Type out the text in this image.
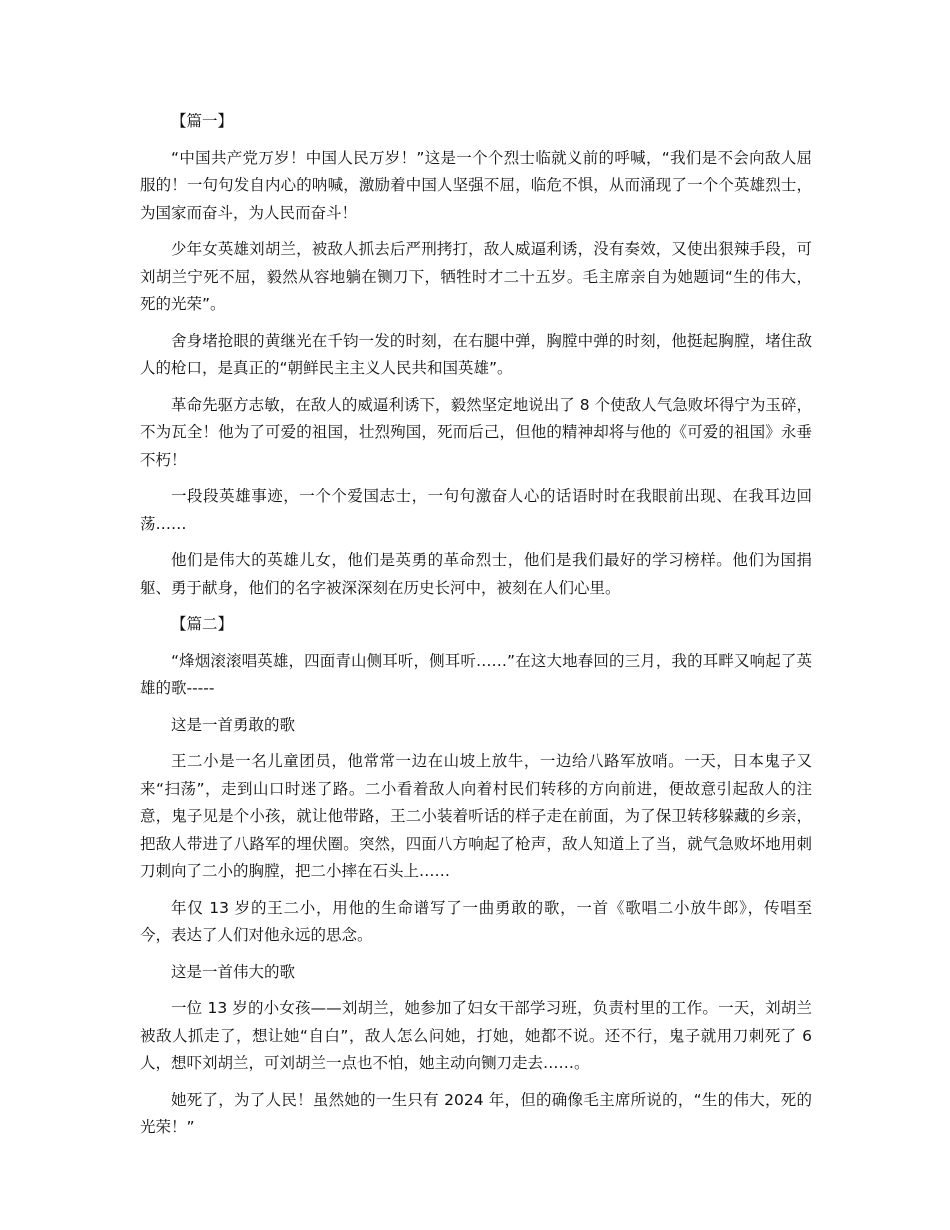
【篇一】

“中国共产党万岁！中国人民万岁！”这是一个个烈士临就义前的呼喊，“我们是不会向敌人屈服的！一句句发自内心的呐喊，激励着中国人坚强不屈，临危不惧，从而涌现了一个个英雄烈士，为国家而奋斗，为人民而奋斗！

少年女英雄刘胡兰，被敌人抓去后严刑拷打，敌人威逼利诱，没有奏效，又使出狠辣手段，可刘胡兰宁死不屈，毅然从容地躺在铡刀下，牺牲时才二十五岁。毛主席亲自为她题词“生的伟大，死的光荣”。

舍身堵抢眼的黄继光在千钧一发的时刻，在右腿中弹，胸膛中弹的时刻，他挺起胸膛，堵住敌人的枪口，是真正的“朝鲜民主主义人民共和国英雄”。

革命先驱方志敏，在敌人的威逼利诱下，毅然坚定地说出了 8 个使敌人气急败坏得宁为玉碎，不为瓦全！他为了可爱的祖国，壮烈殉国，死而后己，但他的精神却将与他的《可爱的祖国》永垂不朽！

一段段英雄事迹，一个个爱国志士，一句句激奋人心的话语时时在我眼前出现、在我耳边回荡……

他们是伟大的英雄儿女，他们是英勇的革命烈士，他们是我们最好的学习榜样。他们为国捐躯、勇于献身，他们的名字被深深刻在历史长河中，被刻在人们心里。

【篇二】

“烽烟滚滚唱英雄，四面青山侧耳听，侧耳听……”在这大地春回的三月，我的耳畔又响起了英雄的歌-----

这是一首勇敢的歌

王二小是一名儿童团员，他常常一边在山坡上放牛，一边给八路军放哨。一天，日本鬼子又来“扫荡”，走到山口时迷了路。二小看着敌人向着村民们转移的方向前进，便故意引起敌人的注意，鬼子见是个小孩，就让他带路，王二小装着听话的样子走在前面，为了保卫转移躲藏的乡亲，把敌人带进了八路军的埋伏圈。突然，四面八方响起了枪声，敌人知道上了当，就气急败坏地用刺刀刺向了二小的胸膛，把二小摔在石头上……

年仅 13 岁的王二小，用他的生命谱写了一曲勇敢的歌，一首《歌唱二小放牛郎》，传唱至今，表达了人们对他永远的思念。

这是一首伟大的歌

一位 13 岁的小女孩——刘胡兰，她参加了妇女干部学习班，负责村里的工作。一天，刘胡兰被敌人抓走了，想让她“自白”，敌人怎么问她，打她，她都不说。还不行，鬼子就用刀刺死了 6 人，想吓刘胡兰，可刘胡兰一点也不怕，她主动向铡刀走去……。

她死了，为了人民！虽然她的一生只有 2024 年，但的确像毛主席所说的，“生的伟大，死的光荣！”
